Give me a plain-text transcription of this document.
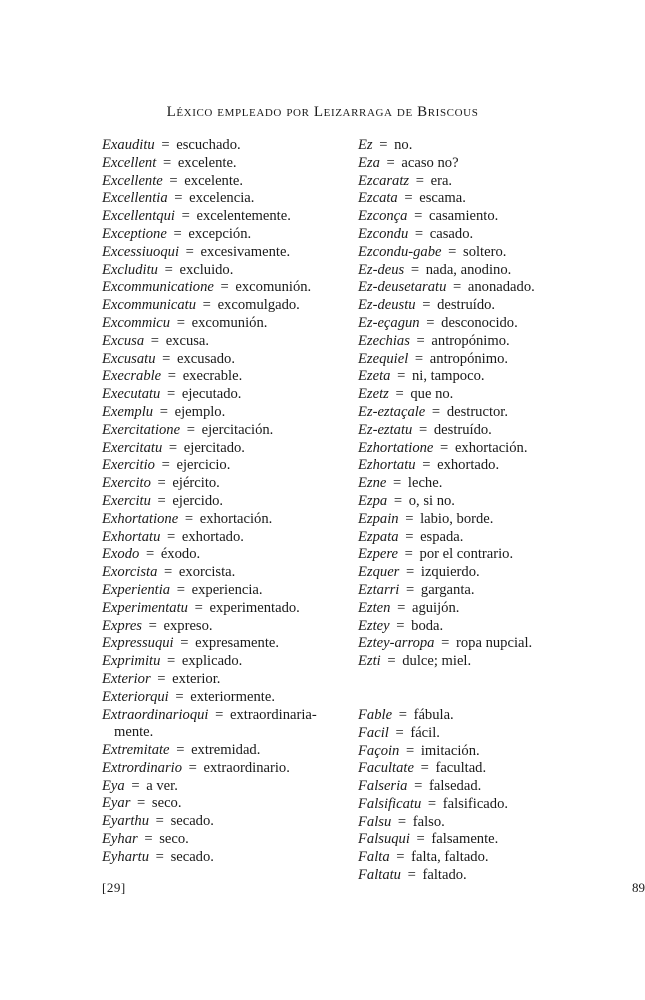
Léxico empleado por Leizarraga de Briscous
Exauditu = escuchado.
Excellent = excelente.
Excellente = excelente.
Excellentia = excelencia.
Excellentqui = excelentemente.
Exceptione = excepción.
Excessiuoqui = excesivamente.
Excluditu = excluido.
Excommunicatione = excomunión.
Excommunicatu = excomulgado.
Excommicu = excomunión.
Excusa = excusa.
Excusatu = excusado.
Execrable = execrable.
Executatu = ejecutado.
Exemplu = ejemplo.
Exercitatione = ejercitación.
Exercitatu = ejercitado.
Exercitio = ejercicio.
Exercito = ejército.
Exercitu = ejercido.
Exhortatione = exhortación.
Exhortatu = exhortado.
Exodo = éxodo.
Exorcista = exorcista.
Experientia = experiencia.
Experimentatu = experimentado.
Expres = expreso.
Expressuqui = expresamente.
Exprimitu = explicado.
Exterior = exterior.
Exteriorqui = exteriormente.
Extraordinarioqui = extraordinaria-
mente.
Extremitate = extremidad.
Extrordinario = extraordinario.
Eya = a ver.
Eyar = seco.
Eyarthu = secado.
Eyhar = seco.
Eyhartu = secado.
Ez = no.
Eza = acaso no?
Ezcaratz = era.
Ezcata = escama.
Ezconça = casamiento.
Ezcondu = casado.
Ezcondu-gabe = soltero.
Ez-deus = nada, anodino.
Ez-deusetaratu = anonadado.
Ez-deustu = destruído.
Ez-eçagun = desconocido.
Ezechias = antropónimo.
Ezequiel = antropónimo.
Ezeta = ni, tampoco.
Ezetz = que no.
Ez-eztaçale = destructor.
Ez-eztatu = destruído.
Ezhortatione = exhortación.
Ezhortatu = exhortado.
Ezne = leche.
Ezpa = o, si no.
Ezpain = labio, borde.
Ezpata = espada.
Ezpere = por el contrario.
Ezquer = izquierdo.
Eztarri = garganta.
Ezten = aguijón.
Eztey = boda.
Eztey-arropa = ropa nupcial.
Ezti = dulce; miel.
Fable = fábula.
Facil = fácil.
Façoin = imitación.
Facultate = facultad.
Falseria = falsedad.
Falsificatu = falsificado.
Falsu = falso.
Falsuqui = falsamente.
Falta = falta, faltado.
Faltatu = faltado.
[29]	89
